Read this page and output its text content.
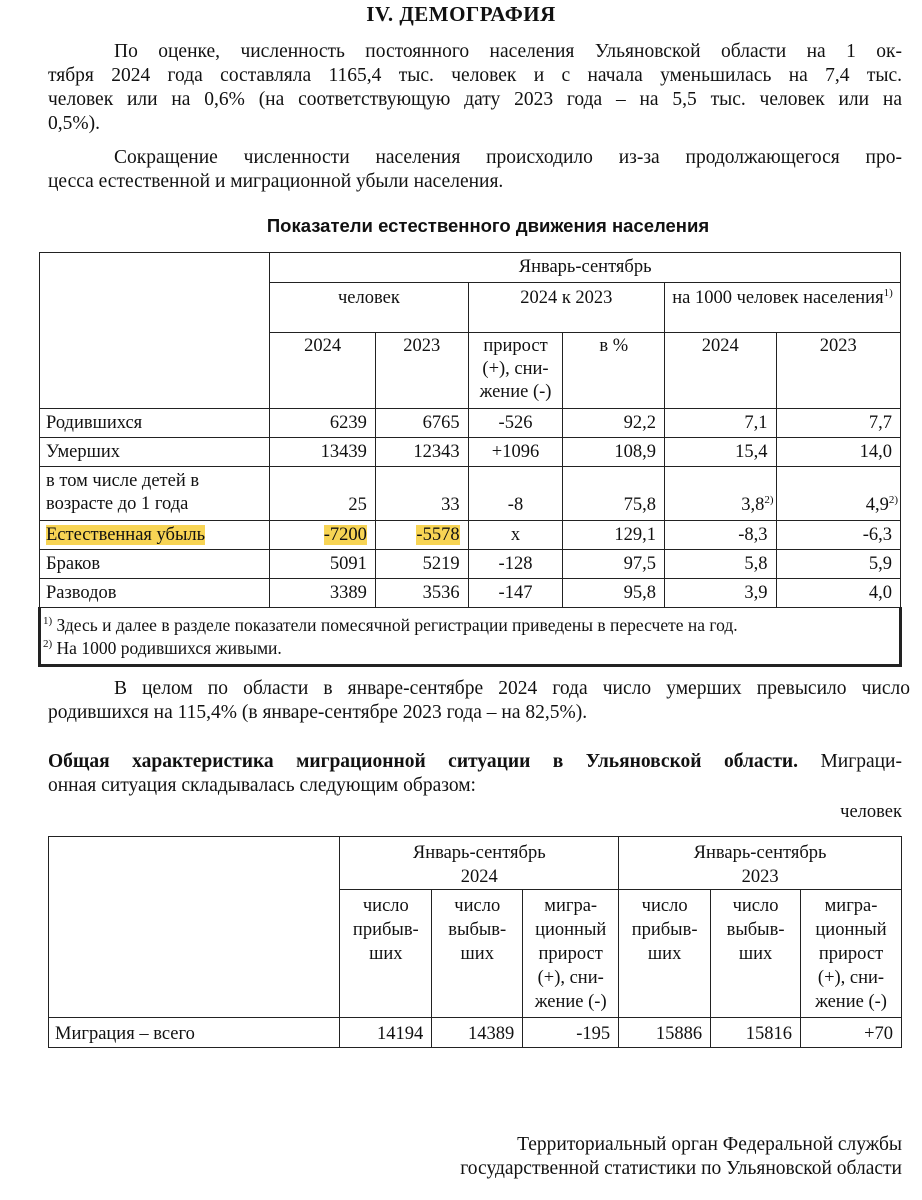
IV. ДЕМОГРАФИЯ
По оценке, численность постоянного населения Ульяновской области на 1 ок-
тября 2024 года составляла 1165,4 тыс. человек и с начала уменьшилась на 7,4 тыс.
человек или на 0,6% (на соответствующую дату 2023 года – на 5,5 тыс. человек или на
0,5%).
Сокращение численности населения происходило из-за продолжающегося про-
цесса естественной и миграционной убыли населения.
Показатели естественного движения населения
	Январь-сентябрь					
	человек		2024 к 2023		на 1000 человек населения$^{1)}$
	2024	2023	прирост (+), сни-жение (-)	в %	2024	2023
Родившихся	6239	6765	-526	92,2	7,1	7,7
Умерших	13439	12343	+1096	108,9	15,4	14,0
в том числе детей в возрасте до 1 года	25	33	-8	75,8	3,8$^{2)}$	4,9$^{2)}$
Естественная убыль	-7200	-5578	х	129,1	-8,3	-6,3
Браков	5091	5219	-128	97,5	5,8	5,9
Разводов	3389	3536	-147	95,8	3,9	4,0

$^{1)}$ Здесь и далее в разделе показатели помесячной регистрации приведены в пересчете на год.
$^{2)}$ На 1000 родившихся живыми.						
В целом по области в январе-сентябре 2024 года число умерших превысило число
родившихся на 115,4% (в январе-сентябре 2023 года – на 82,5%).
Общая характеристика миграционной ситуации в Ульяновской области. Миграци-
онная ситуация складывалась следующим образом:
человек
	Январь-сентябрь 2024			Январь-сентябрь 2023		
	число прибыв-ших	число выбыв-ших	мигра-ционный прирост (+), сни-жение (-)	число прибыв-ших	число выбыв-ших	мигра-ционный прирост (+), сни-жение (-)
Миграция – всего	14194	14389	-195	15886	15816	+70
Территориальный орган Федеральной службы
государственной статистики по Ульяновской области
